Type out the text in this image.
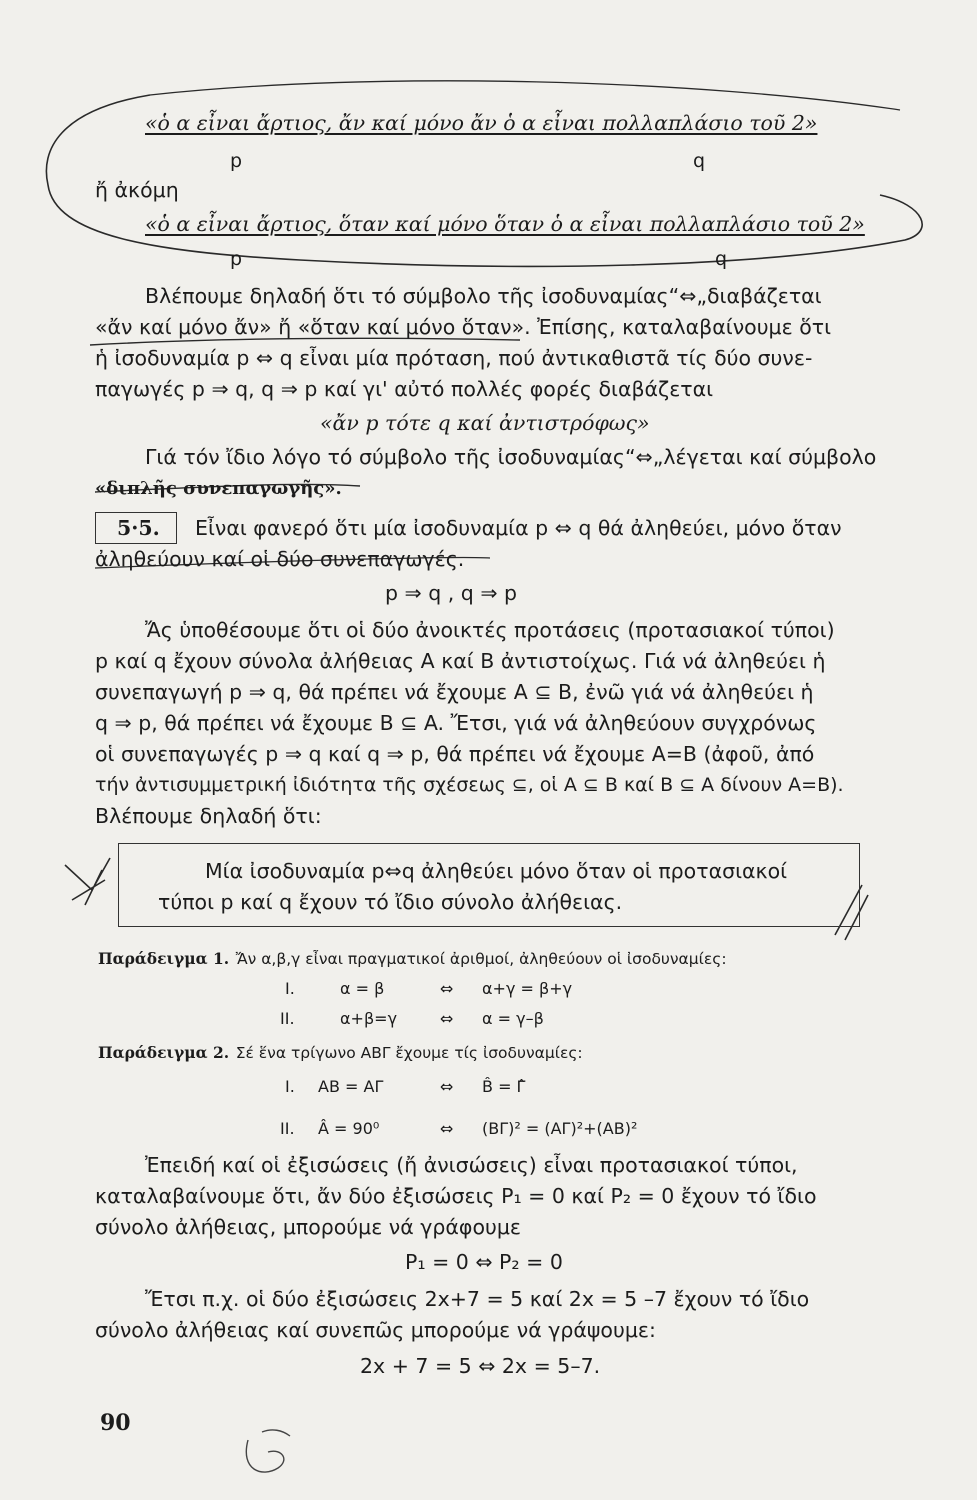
«ὁ α εἶναι ἄρτιος, ἄν καί μόνο ἄν ὁ α εἶναι πολλαπλάσιο τοῦ 2»
p	q
ἤ ἀκόμη
«ὁ α εἶναι ἄρτιος, ὅταν καί μόνο ὅταν ὁ α εἶναι πολλαπλάσιο τοῦ 2»
p	q
Βλέπουμε δηλαδή ὅτι τό σύμβολο τῆς ἰσοδυναμίας“⇔„διαβάζεται
«ἄν καί μόνο ἄν» ἤ «ὅταν καί μόνο ὅταν». Ἐπίσης, καταλαβαίνουμε ὅτι
ἡ ἰσοδυναμία p ⇔ q εἶναι μία πρόταση, πού ἀντικαθιστᾶ τίς δύο συνε-
παγωγές p ⇒ q, q ⇒ p καί γι' αὐτό πολλές φορές διαβάζεται
«ἄν p τότε q καί ἀντιστρόφως»
Γιά τόν ἴδιο λόγο τό σύμβολο τῆς ἰσοδυναμίας“⇔„λέγεται καί σύμβολο
«διπλῆς συνεπαγωγῆς».
5·5. Εἶναι φανερό ὅτι μία ἰσοδυναμία p ⇔ q θά ἀληθεύει, μόνο ὅταν
ἀληθεύουν καί οἱ δύο συνεπαγωγές.
p ⇒ q , q ⇒ p
Ἄς ὑποθέσουμε ὅτι οἱ δύο ἀνοικτές προτάσεις (προτασιακοί τύποι)
p καί q ἔχουν σύνολα ἀλήθειας A καί B ἀντιστοίχως. Γιά νά ἀληθεύει ἡ
συνεπαγωγή p ⇒ q, θά πρέπει νά ἔχουμε A ⊆ B, ἐνῶ γιά νά ἀληθεύει ἡ
q ⇒ p, θά πρέπει νά ἔχουμε B ⊆ A. Ἔτσι, γιά νά ἀληθεύουν συγχρόνως
οἱ συνεπαγωγές p ⇒ q καί q ⇒ p, θά πρέπει νά ἔχουμε A=B (ἀφοῦ, ἀπό
τήν ἀντισυμμετρική ἰδιότητα τῆς σχέσεως ⊆, οἱ A ⊆ B καί B ⊆ A δίνουν A=B).
Βλέπουμε δηλαδή ὅτι:
Μία ἰσοδυναμία p⇔q ἀληθεύει μόνο ὅταν οἱ προτασιακοί
τύποι p καί q ἔχουν τό ἴδιο σύνολο ἀλήθειας.
Παράδειγμα 1. Ἄν α,β,γ εἶναι πραγματικοί ἀριθμοί, ἀληθεύουν οἱ ἰσοδυναμίες:
I.	α = β	⇔ α+γ = β+γ
II.	α+β=γ	⇔ α = γ–β
Παράδειγμα 2. Σέ ἕνα τρίγωνο ΑΒΓ ἔχουμε τίς ἰσοδυναμίες:
I. ΑΒ = ΑΓ	⇔ B̂ = Γ̂
II. Â = 90⁰	⇔ (ΒΓ)² = (ΑΓ)²+(ΑΒ)²
Ἐπειδή καί οἱ ἐξισώσεις (ἤ ἀνισώσεις) εἶναι προτασιακοί τύποι,
καταλαβαίνουμε ὅτι, ἄν δύο ἐξισώσεις P₁ = 0 καί P₂ = 0 ἔχουν τό ἴδιο
σύνολο ἀλήθειας, μπορούμε νά γράφουμε
P₁ = 0 ⇔ P₂ = 0
Ἔτσι π.χ. οἱ δύο ἐξισώσεις 2x+7 = 5 καί 2x = 5 –7 ἔχουν τό ἴδιο
σύνολο ἀλήθειας καί συνεπῶς μπορούμε νά γράψουμε:
2x + 7 = 5 ⇔ 2x = 5–7.
90
